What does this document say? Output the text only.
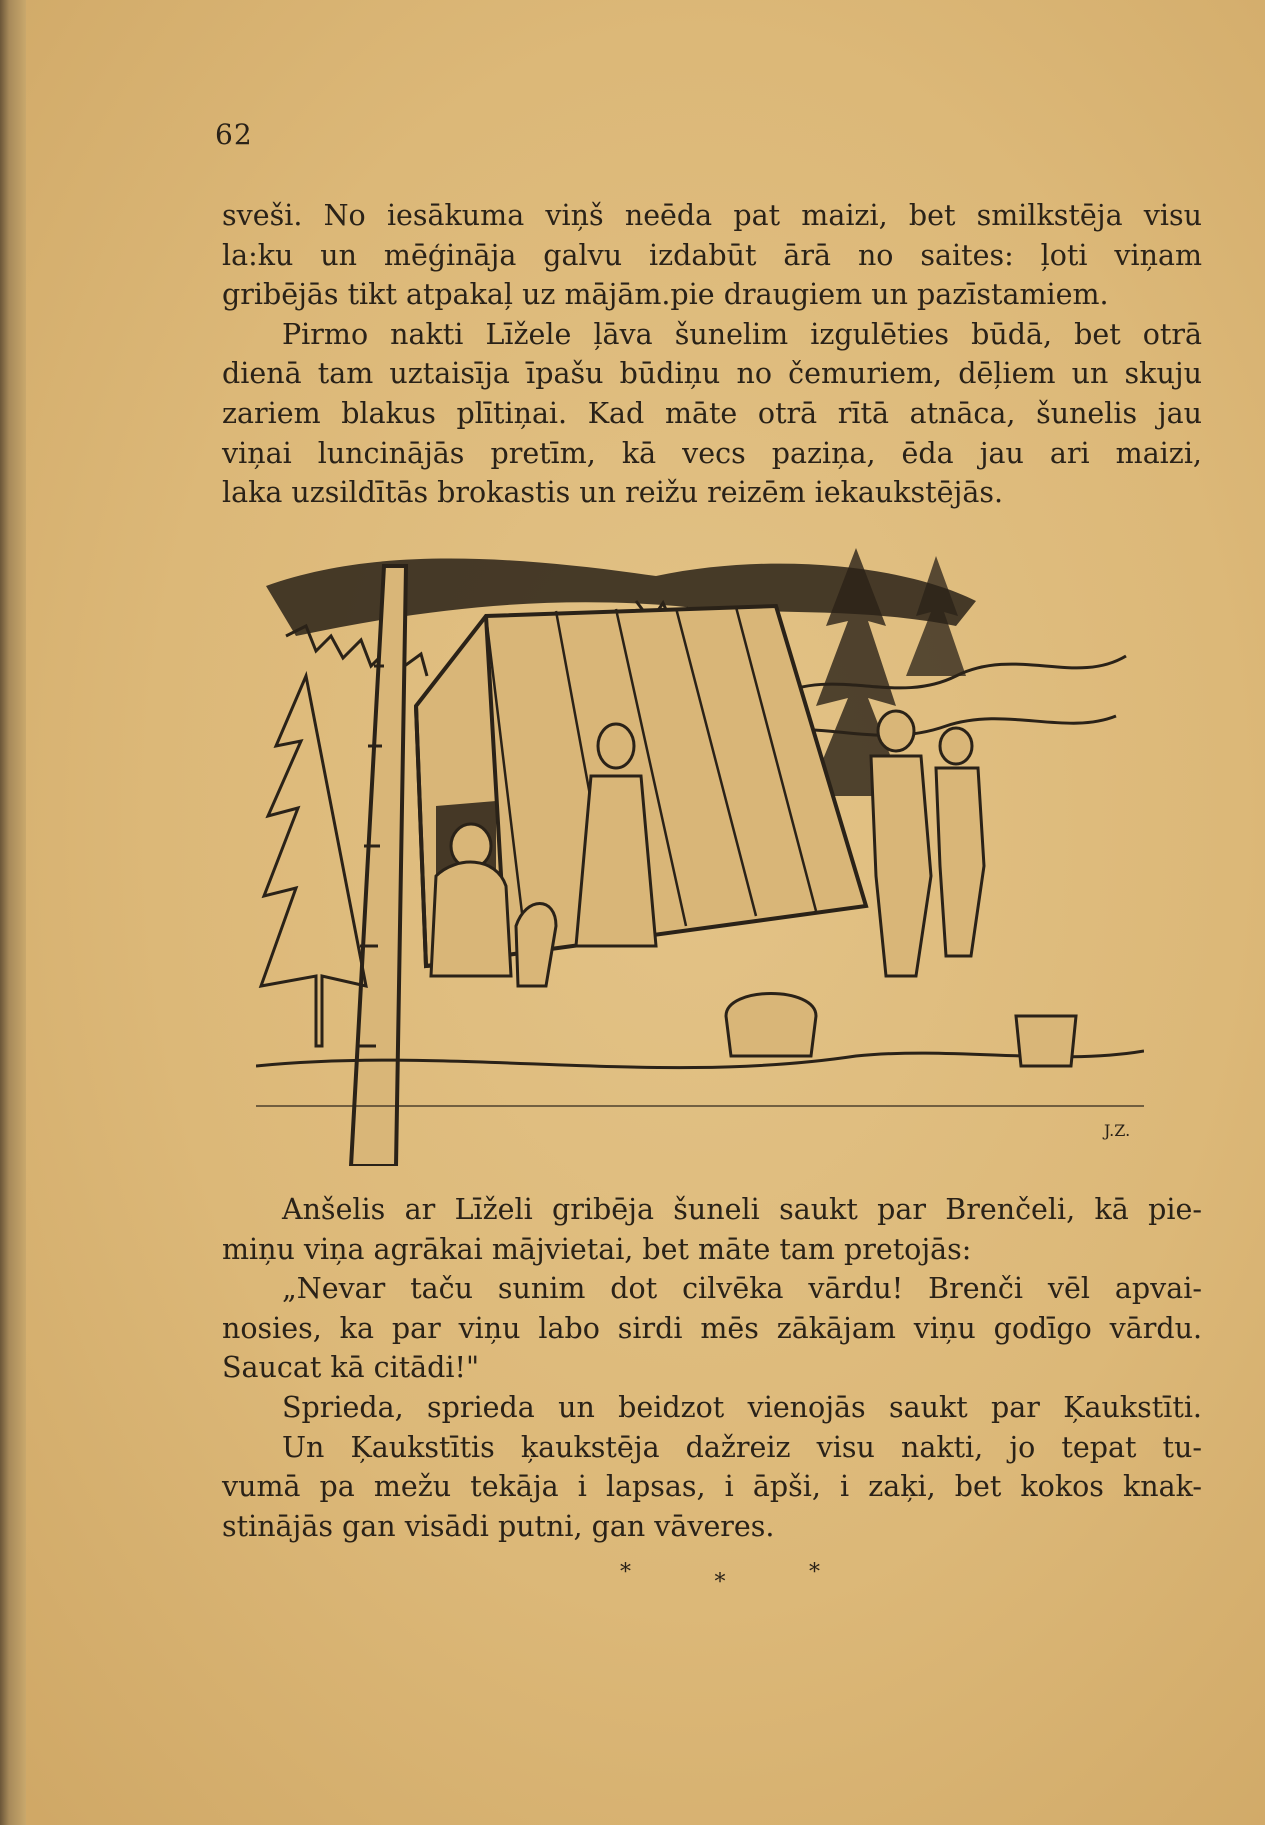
62
sveši. No iesākuma viņš neēda pat maizi, bet smilkstēja visu
la:ku un mēģināja galvu izdabūt ārā no saites: ļoti viņam
gribējās tikt atpakaļ uz mājām.pie draugiem un pazīstamiem.
Pirmo nakti Līžele ļāva šunelim izgulēties būdā, bet otrā
dienā tam uztaisīja īpašu būdiņu no čemuriem, dēļiem un skuju
zariem blakus plītiņai. Kad māte otrā rītā atnāca, šunelis jau
viņai luncinājās pretīm, kā vecs paziņa, ēda jau ari maizi,
laka uzsildītās brokastis un reižu reizēm iekaukstējās.
J.Z.
Anšelis ar Līželi gribēja šuneli saukt par Brenčeli, kā pie-
miņu viņa agrākai mājvietai, bet māte tam pretojās:
„Nevar taču sunim dot cilvēka vārdu! Brenči vēl apvai-
nosies, ka par viņu labo sirdi mēs zākājam viņu godīgo vārdu.
Saucat kā citādi!"
Sprieda, sprieda un beidzot vienojās saukt par Ķaukstīti.
Un Ķaukstītis ķaukstēja dažreiz visu nakti, jo tepat tu-
vumā pa mežu tekāja i lapsas, i āpši, i zaķi, bet kokos knak-
stinājās gan visādi putni, gan vāveres.
*	*	*
